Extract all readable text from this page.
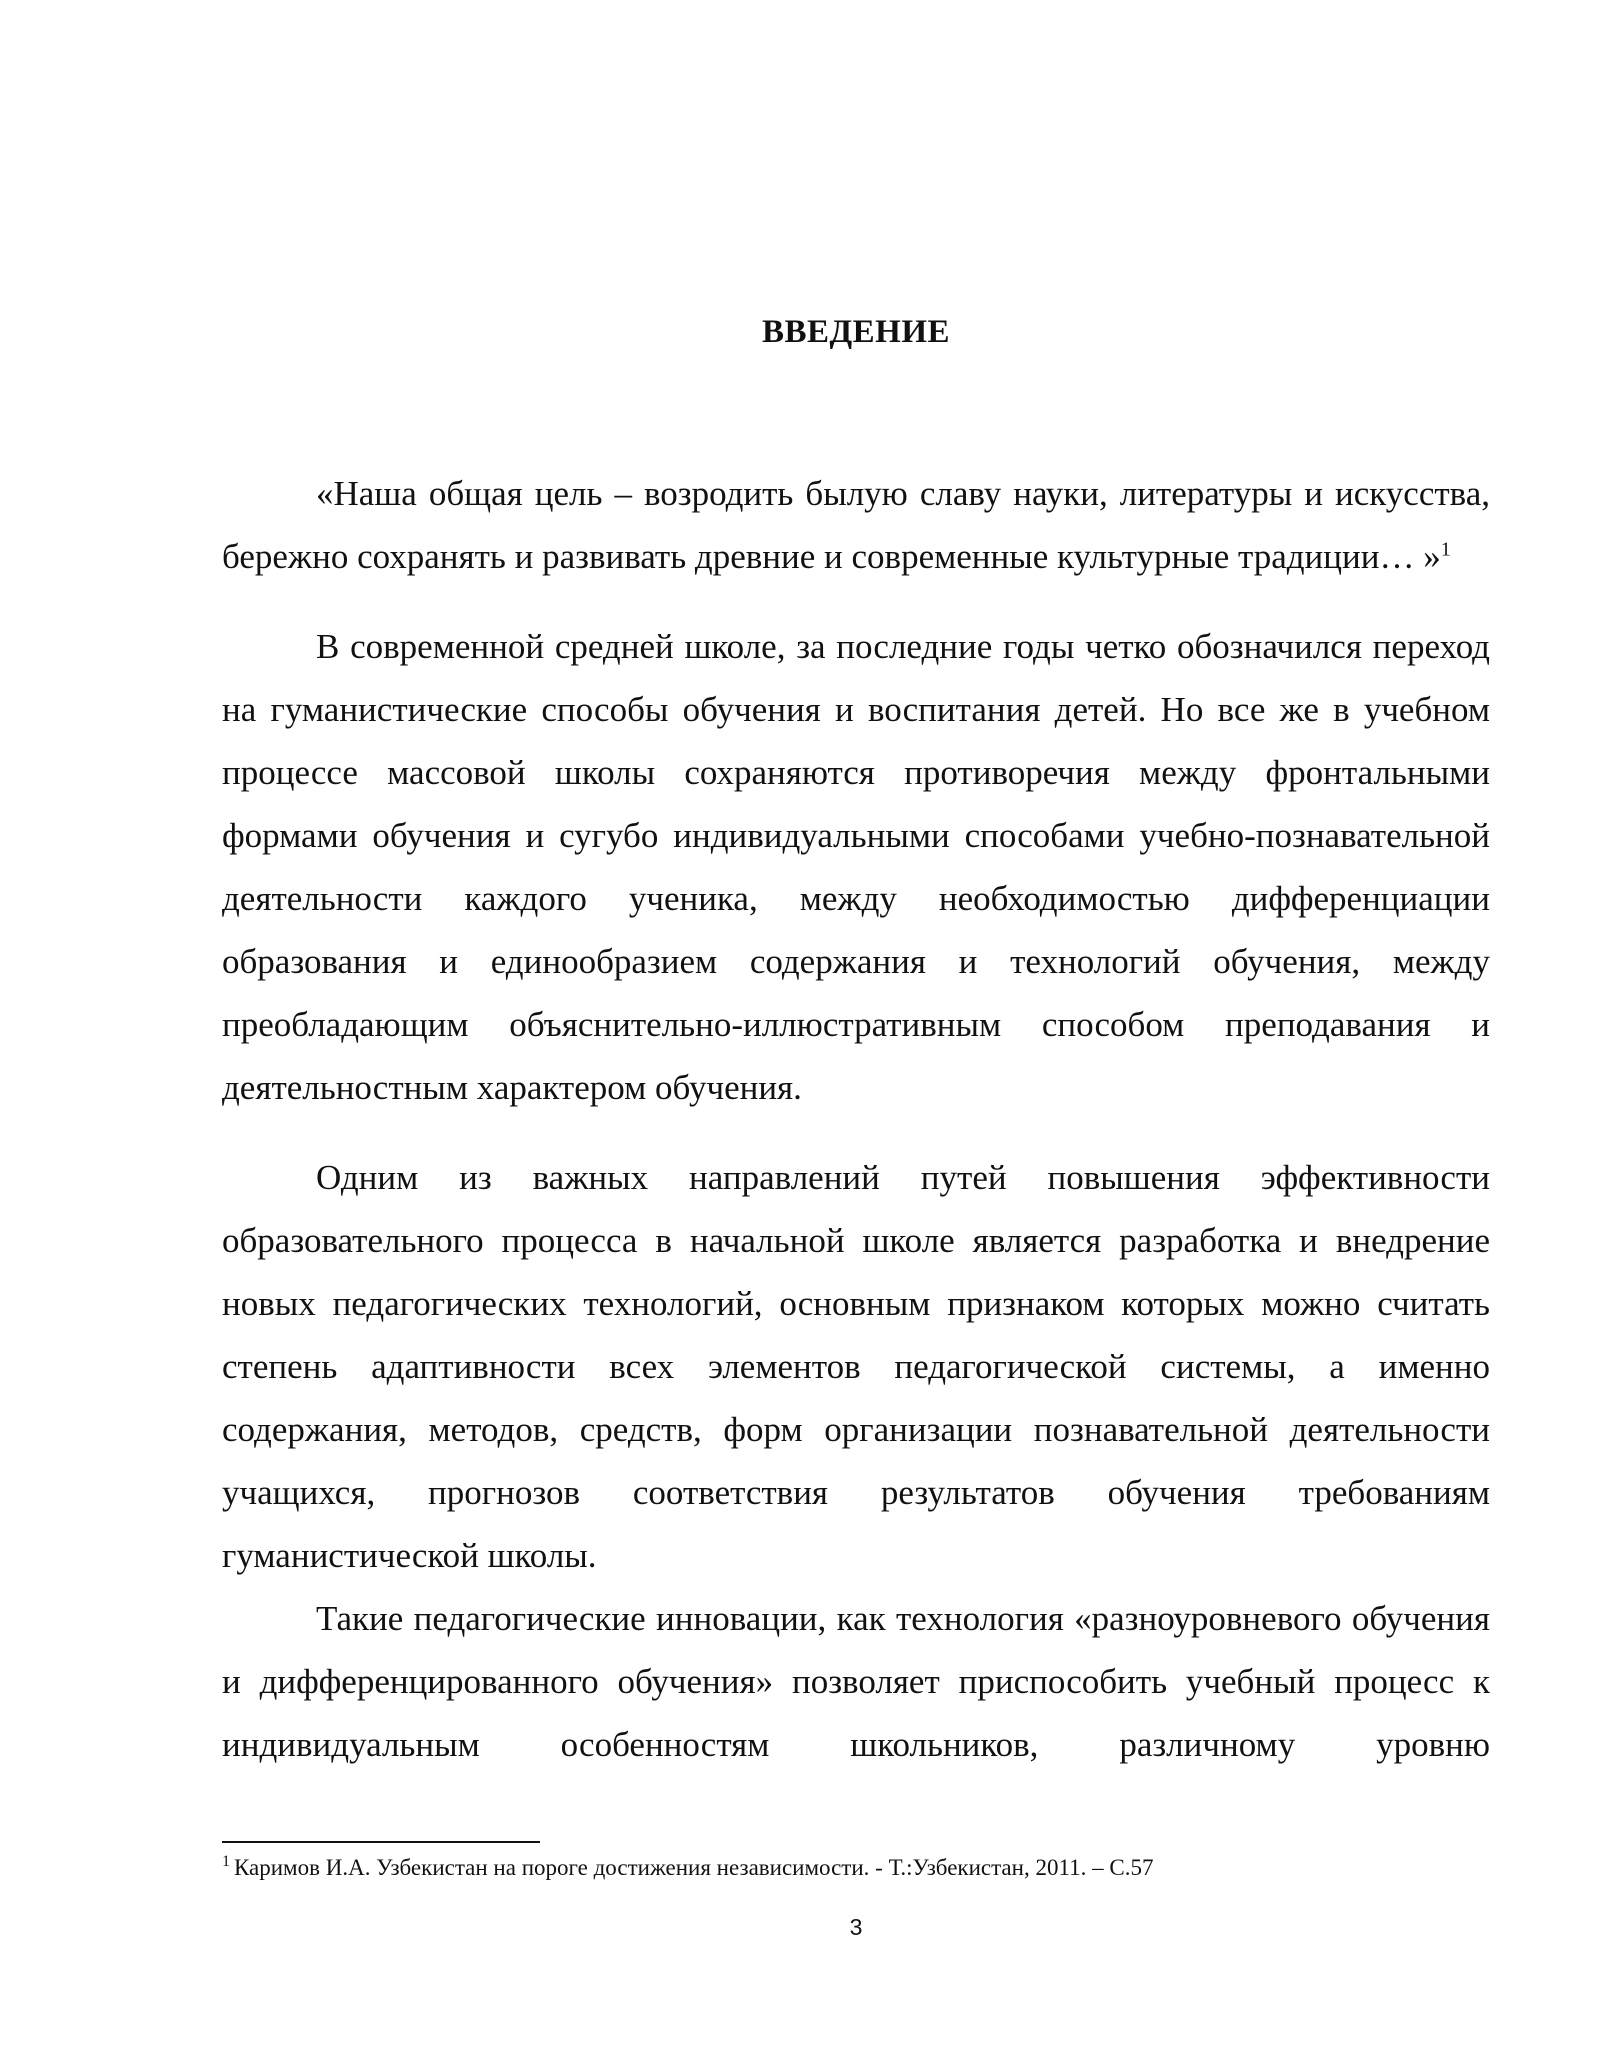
ВВЕДЕНИЕ

«Наша общая цель – возродить былую славу науки, литературы и искусства, бережно сохранять и развивать древние и современные культурные традиции… »$^1$

В современной средней школе, за последние годы четко обозначился переход на гуманистические способы обучения и воспитания детей. Но все же в учебном процессе массовой школы сохраняются противоречия между фронтальными формами обучения и сугубо индивидуальными способами учебно-познавательной деятельности каждого ученика, между необходимостью дифференциации образования и единообразием содержания и технологий обучения, между преобладающим объяснительно-иллюстративным способом преподавания и деятельностным характером обучения.

Одним из важных направлений путей повышения эффективности образовательного процесса в начальной школе является разработка и внедрение новых педагогических технологий, основным признаком которых можно считать степень адаптивности всех элементов педагогической системы, а именно содержания, методов, средств, форм организации познавательной деятельности учащихся, прогнозов соответствия результатов обучения требованиям гуманистической школы.

Такие педагогические инновации, как технология «разноуровневого обучения и дифференцированного обучения» позволяет приспособить учебный процесс к индивидуальным особенностям школьников, различному уровню

$^1$ Каримов И.А. Узбекистан на пороге достижения независимости. - Т.:Узбекистан, 2011. – С.57
3
